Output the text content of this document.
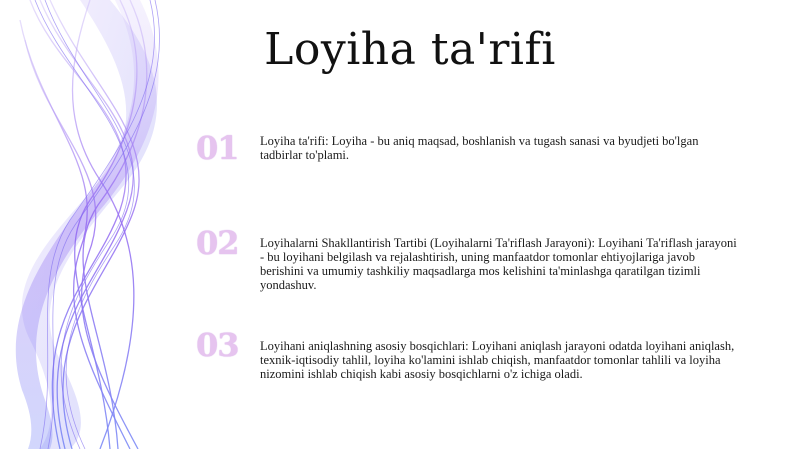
Loyiha ta'rifi
01	Loyiha ta'rifi: Loyiha - bu aniq maqsad, boshlanish va tugash sanasi va byudjeti bo'lgan tadbirlar to'plami.
02	Loyihalarni Shakllantirish Tartibi (Loyihalarni Ta'riflash Jarayoni): Loyihani Ta'riflash jarayoni - bu loyihani belgilash va rejalashtirish, uning manfaatdor tomonlar ehtiyojlariga javob berishini va umumiy tashkiliy maqsadlarga mos kelishini ta'minlashga qaratilgan tizimli yondashuv.
03	Loyihani aniqlashning asosiy bosqichlari: Loyihani aniqlash jarayoni odatda loyihani aniqlash, texnik-iqtisodiy tahlil, loyiha ko'lamini ishlab chiqish, manfaatdor tomonlar tahlili va loyiha nizomini ishlab chiqish kabi asosiy bosqichlarni o'z ichiga oladi.
